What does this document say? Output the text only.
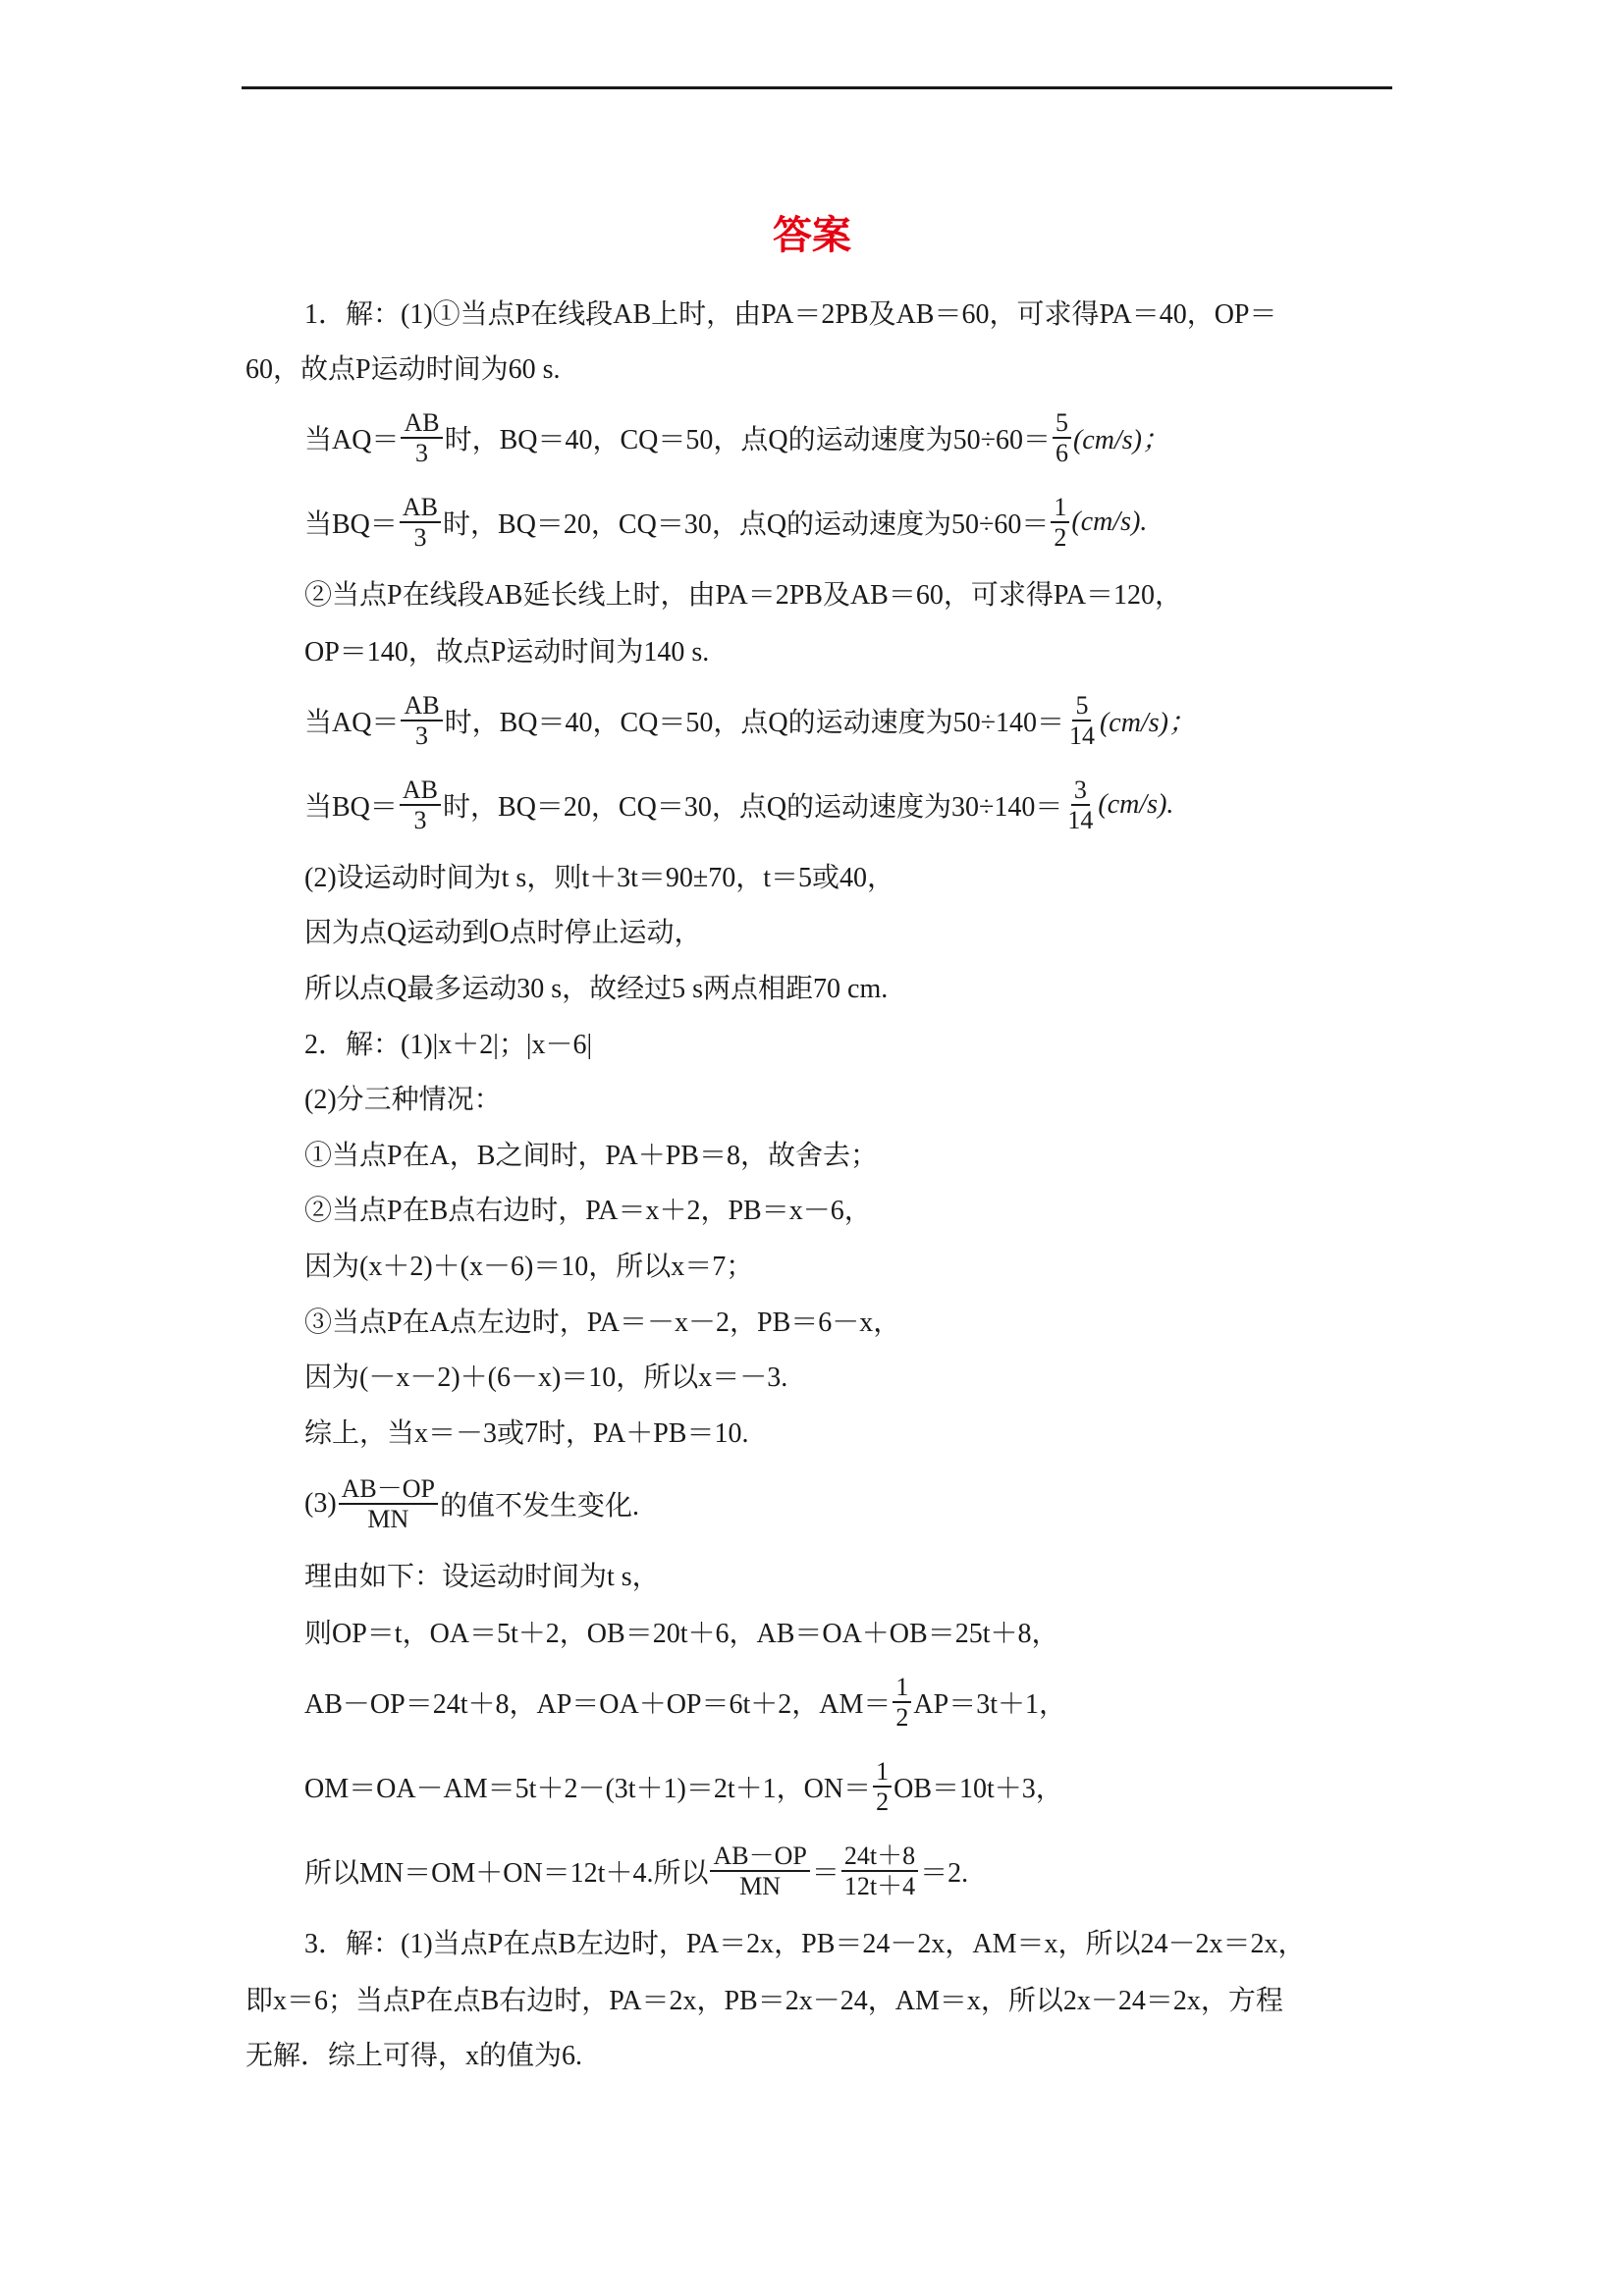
答案
1．解：(1)①当点P在线段AB上时，由PA＝2PB及AB＝60，可求得PA＝40，OP＝
60，故点P运动时间为60 s.
当$AQ= \frac{AB}{3}$ 时，BQ＝40，CQ＝50，点Q的运动速度为$50\div 60= \frac{5}{6} (cm/s)$；
当$BQ= \frac{AB}{3}$ 时，BQ＝20，CQ＝30，点Q的运动速度为$50\div 60= \frac{1}{2} (cm/s)$.
②当点P在线段AB延长线上时，由PA＝2PB及AB＝60，可求得PA＝120，
OP＝140，故点P运动时间为140 s.
当$AQ= \frac{AB}{3}$ 时，BQ＝40，CQ＝50，点Q的运动速度为$50\div 140= \frac{5}{14} (cm/s)$；
当$BQ= \frac{AB}{3}$ 时，BQ＝20，CQ＝30，点Q的运动速度为$30\div 140= \frac{3}{14} (cm/s)$.
(2)设运动时间为t s，则t＋3t＝90±70，t＝5或40，
因为点Q运动到O点时停止运动，
所以点Q最多运动30 s，故经过5 s两点相距70 cm.
2．解：(1)|x＋2|；|x－6|
(2)分三种情况：
①当点P在A，B之间时，PA＋PB＝8，故舍去；
②当点P在B点右边时，PA＝x＋2，PB＝x－6，
因为(x＋2)＋(x－6)＝10，所以x＝7；
③当点P在A点左边时，PA＝－x－2，PB＝6－x，
因为(－x－2)＋(6－x)＝10，所以x＝－3.
综上，当x＝－3或7时，PA＋PB＝10.
$(3) \frac{AB-OP}{MN}$ 的值不发生变化.
理由如下：设运动时间为t s，
则OP＝t，OA＝5t＋2，OB＝20t＋6，AB＝OA＋OB＝25t＋8，
AB－OP＝24t＋8，AP＝OA＋OP＝6t＋2，$AM= \frac{1}{2} AP=3t+1$，
OM＝OA－AM＝5t＋2－(3t＋1)＝2t＋1，$ON= \frac{1}{2} OB=10t+3$，
所以MN＝OM＋ON＝12t＋4.所以 $\frac{AB-OP}{MN} = \frac{24t+8}{12t+4} =2$.
3．解：(1)当点P在点B左边时，PA＝2x，PB＝24－2x，AM＝x，所以24－2x＝2x，
即x＝6；当点P在点B右边时，PA＝2x，PB＝2x－24，AM＝x，所以2x－24＝2x，方程
无解．综上可得，x的值为6.
